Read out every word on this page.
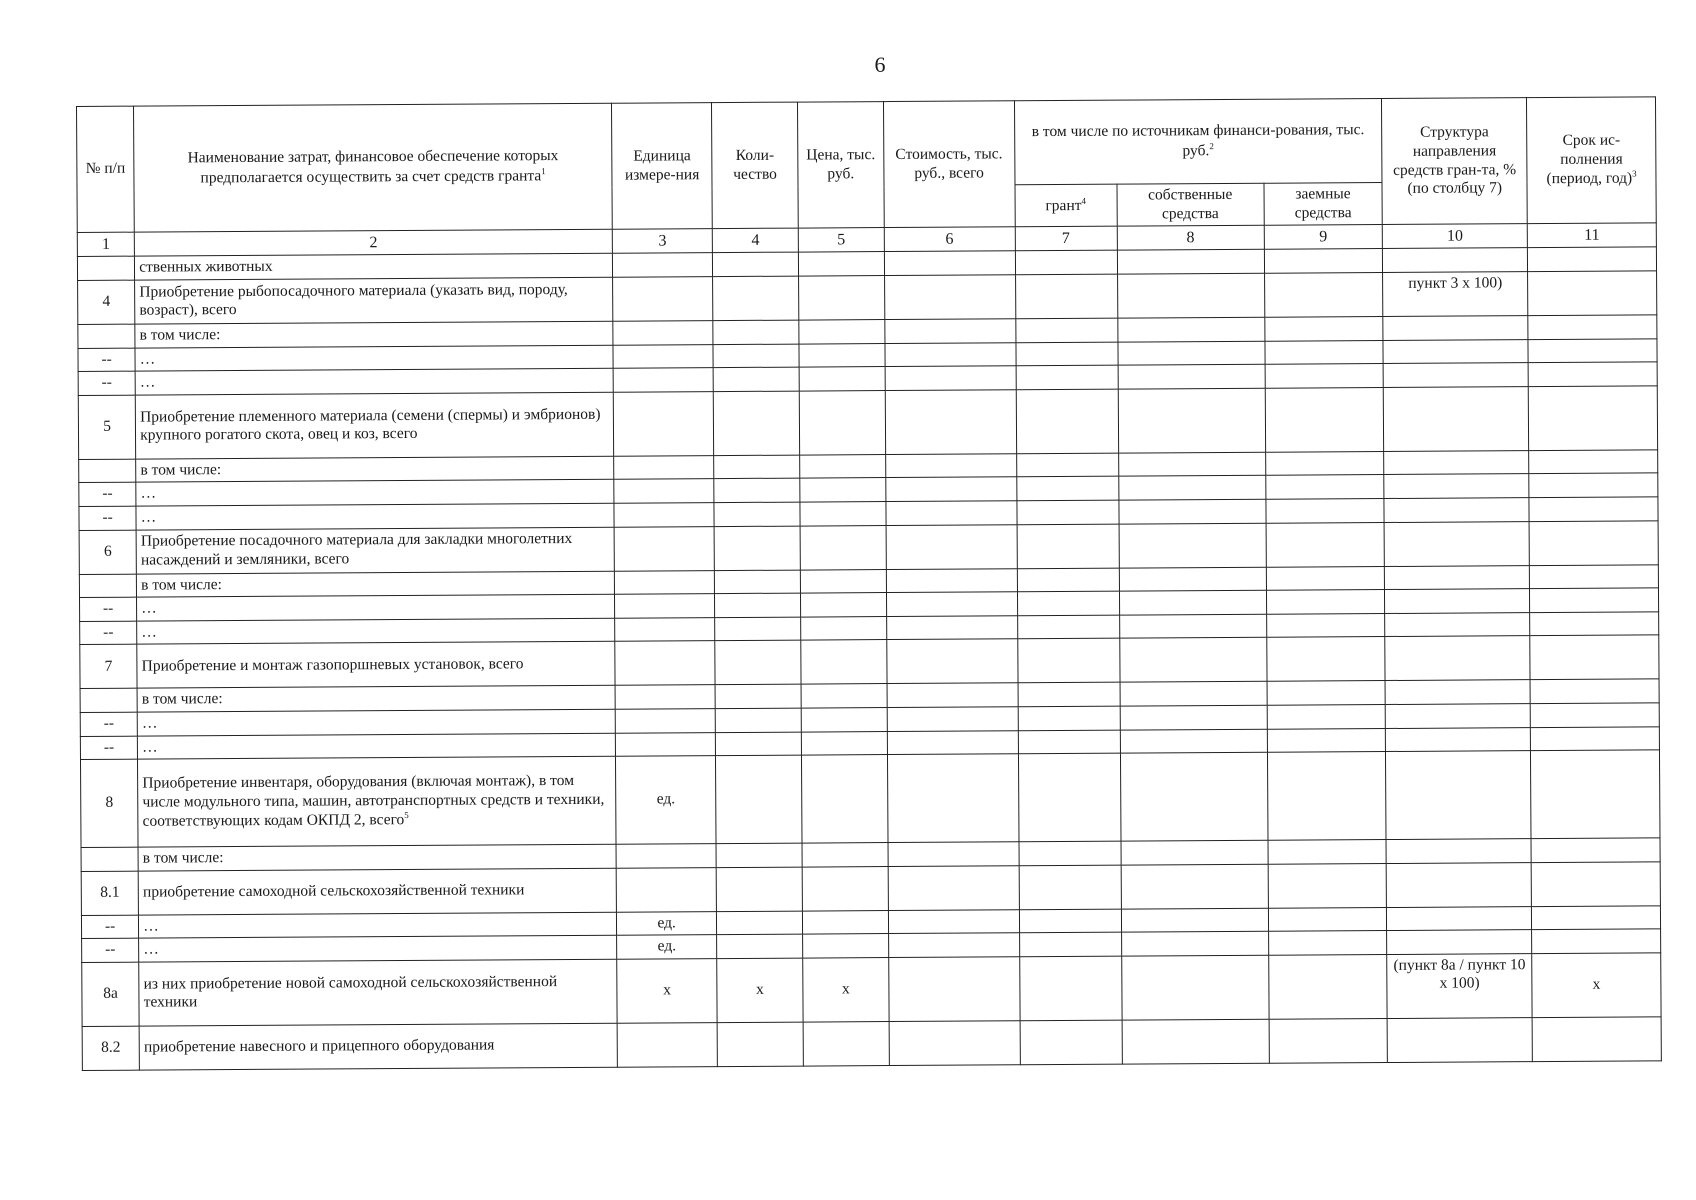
6
№ п/п	Наименование затрат, финансовое обеспечение которых предполагается осуществить за счет средств гранта$^1$	Единица измере-ния	Коли-чество	Цена, тыс. руб.	Стоимость, тыс. руб., всего	в том числе по источникам финанси-рования, тыс. руб.$^2$			Структура направления средств гран-та, % (по столбцу 7)	Срок ис-полнения (период, год)$^3$
						грант$^4$	собственные средства	заемные средства		
1	2	3	4	5	6	7	8	9	10	11
	ственных животных									
4	Приобретение рыбопосадочного материала (указать вид, породу, возраст), всего								пункт 3 х 100)	
	в том числе:									
--	…									
--	…									
5	Приобретение племенного материала (семени (спермы) и эмбрионов) крупного рогатого скота, овец и коз, всего									
	в том числе:									
--	…									
--	…									
6	Приобретение посадочного материала для закладки многолетних насаждений и земляники, всего									
	в том числе:									
--	…									
--	…									
7	Приобретение и монтаж газопоршневых установок, всего									
	в том числе:									
--	…									
--	…									
8	Приобретение инвентаря, оборудования (включая монтаж), в том числе модульного типа, машин, автотранспортных средств и техники, соответствующих кодам ОКПД 2, всего$^5$	ед.								
	в том числе:									
8.1	приобретение самоходной сельскохозяйственной техники									
--	…	ед.								
--	…	ед.								
8а	из них приобретение новой самоходной сельскохозяйственной техники	х	х	х					(пункт 8а / пункт 10 х 100)	х
8.2	приобретение навесного и прицепного оборудования									
